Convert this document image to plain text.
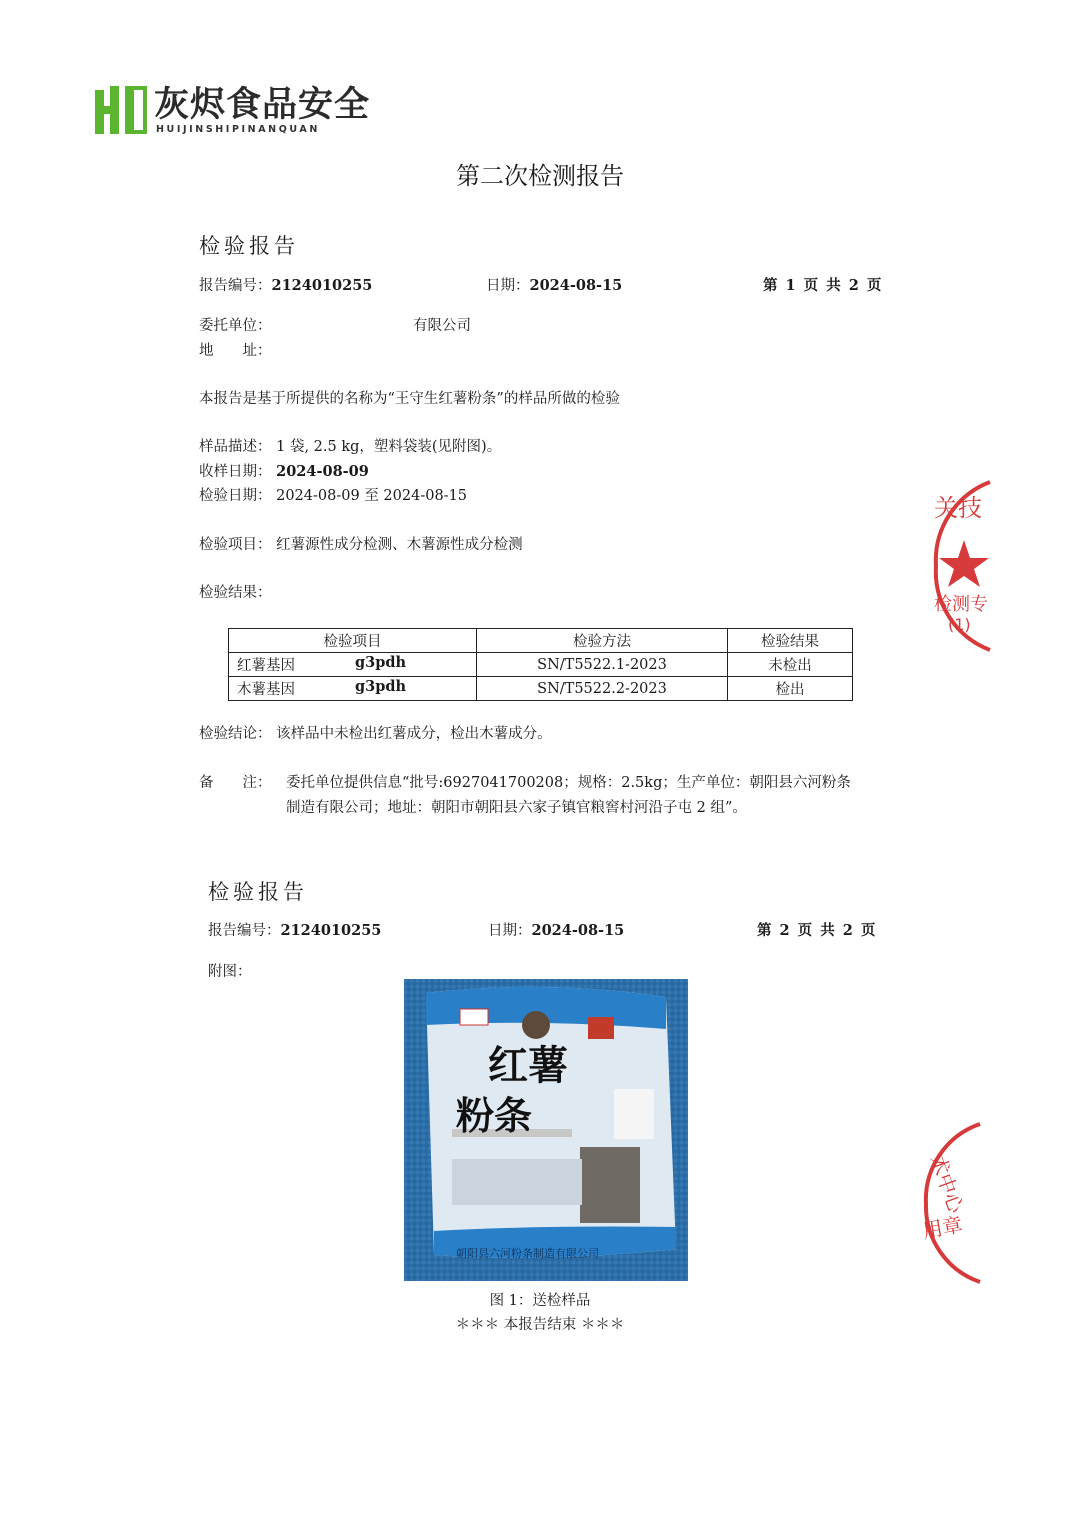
灰烬食品安全
HUIJINSHIPINANQUAN
第二次检测报告
检验报告
报告编号：2124010255	日期：2024-08-15	第 1 页 共 2 页
委托单位：	有限公司
地　　址：
本报告是基于所提供的名称为“王守生红薯粉条”的样品所做的检验
样品描述： 1 袋, 2.5 kg，塑料袋装(见附图)。
收样日期： 2024-08-09
检验日期： 2024-08-09 至 2024-08-15
检验项目： 红薯源性成分检测、木薯源性成分检测
检验结果：
检验项目	检验方法	检验结果

红薯基因 g3pdh	SN/T5522.1-2023	未检出

木薯基因 g3pdh	SN/T5522.2-2023	检出
检验结论： 该样品中未检出红薯成分，检出木薯成分。
备　　注： 委托单位提供信息“批号:6927041700208；规格：2.5kg；生产单位：朝阳县六河粉条
制造有限公司；地址：朝阳市朝阳县六家子镇官粮窖村河沿子屯 2 组”。
检验报告
报告编号：2124010255	日期：2024-08-15	第 2 页 共 2 页
附图：
红薯
粉条
朝阳县六河粉条制造有限公司
图 1：送检样品
＊＊＊ 本报告结束 ＊＊＊
关技
检测专
(1)
术中心
用章
